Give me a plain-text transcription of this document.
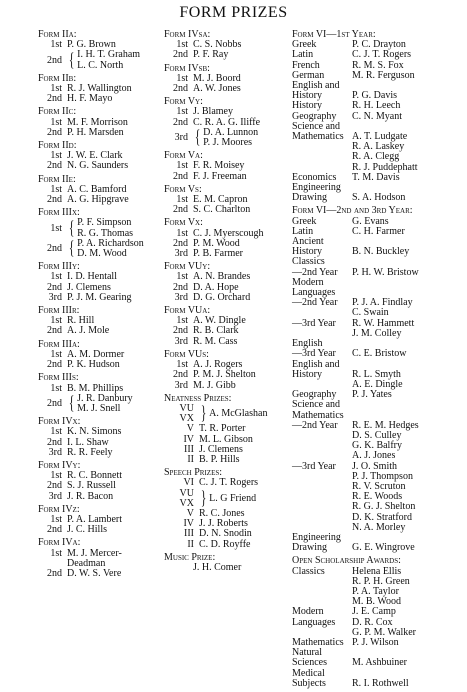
FORM PRIZES
Form IIa:
1st P. G. Brown
2nd { I. H. T. Graham
L. C. North
Form IIb:
1st R. J. Wallington
2nd H. F. Mayo
Form IIc:
1st M. F. Morrison
2nd P. H. Marsden
Form IId:
1st J. W. E. Clark
2nd N. G. Saunders
Form IIe:
1st A. C. Bamford
2nd A. G. Hipgrave
Form IIIx:
1st { P. F. Simpson
R. G. Thomas
2nd { P. A. Richardson
D. M. Wood
Form IIIy:
1st I. D. Hentall
2nd J. Clemens
3rd P. J. M. Gearing
Form IIIr:
1st R. Hill
2nd A. J. Mole
Form IIIa:
1st A. M. Dormer
2nd P. K. Hudson
Form IIIs:
1st B. M. Phillips
2nd { J. R. Danbury
M. J. Snell
Form IVx:
1st K. N. Simons
2nd I. L. Shaw
3rd R. R. Feely
Form IVy:
1st R. C. Bonnett
2nd S. J. Russell
3rd J. R. Bacon
Form IVz:
1st P. A. Lambert
2nd J. C. Hills
Form IVa:
1st M. J. Mercer-
Deadman
2nd D. W. S. Vere
Form IVsa:
1st C. S. Nobbs
2nd P. F. Ray
Form IVsb:
1st M. J. Boord
2nd A. W. Jones
Form Vy:
1st J. Blamey
2nd C. R. A. G. Iliffe
3rd { D. A. Lunnon
P. J. Moores
Form Va:
1st F. R. Moisey
2nd F. J. Freeman
Form Vs:
1st E. M. Capron
2nd S. C. Charlton
Form Vx:
1st C. J. Myerscough
2nd P. M. Wood
3rd P. B. Farmer
Form VUy:
1st A. N. Brandes
2nd D. A. Hope
3rd D. G. Orchard
Form VUa:
1st A. W. Dingle
2nd R. B. Clark
3rd R. M. Cass
Form VUs:
1st A. J. Rogers
2nd P. M. J. Shelton
3rd M. J. Gibb
Neatness Prizes:
VU
VX } A. McGlashan
V T. R. Porter
IV M. L. Gibson
III J. Clemens
II B. P. Hills
Speech Prizes:
VI C. J. T. Rogers
VU
VX } L. G Friend
V R. C. Jones
IV J. J. Roberts
III D. N. Snodin
II C. D. Royffe
Music Prize:
J. H. Comer
Form VI—1st Year:
Greek	P. C. Drayton
Latin	C. J. T. Rogers
French	R. M. S. Fox
German	M. R. Ferguson
English and
History	P. G. Davis
History	R. H. Leech
Geography	C. N. Myant
Science and
Mathematics A. T. Ludgate
R. A. Laskey
R. A. Clegg
R. J. Puddephatt
Economics	T. M. Davis
Engineering
Drawing	S. A. Hodson
Form VI—2nd and 3rd Year:
Greek	G. Evans
Latin	C. H. Farmer
Ancient
History	B. N. Buckley
Classics
—2nd Year	P. H. W. Bristow
Modern
Languages
—2nd Year	P. J. A. Findlay
C. Swain
—3rd Year	R. W. Hammett
J. M. Colley
English
—3rd Year	C. E. Bristow
English and
History	R. L. Smyth
A. E. Dingle
Geography	P. J. Yates
Science and
Mathematics
—2nd Year	R. E. M. Hedges
D. S. Culley
G. K. Balfry
A. J. Jones
—3rd Year	J. O. Smith
P. J. Thompson
R. V. Scruton
R. E. Woods
R. G. J. Shelton
D. K. Stratford
N. A. Morley
Engineering
Drawing	G. E. Wingrove
Open Scholarship Awards:
Classics	Helena Ellis
R. P. H. Green
P. A. Taylor
M. B. Wood
Modern	J. E. Camp
Languages	D. R. Cox
G. P. M. Walker
Mathematics P. J. Wilson
Natural
Sciences	M. Ashbuiner
Medical
Subjects	R. I. Rothwell
